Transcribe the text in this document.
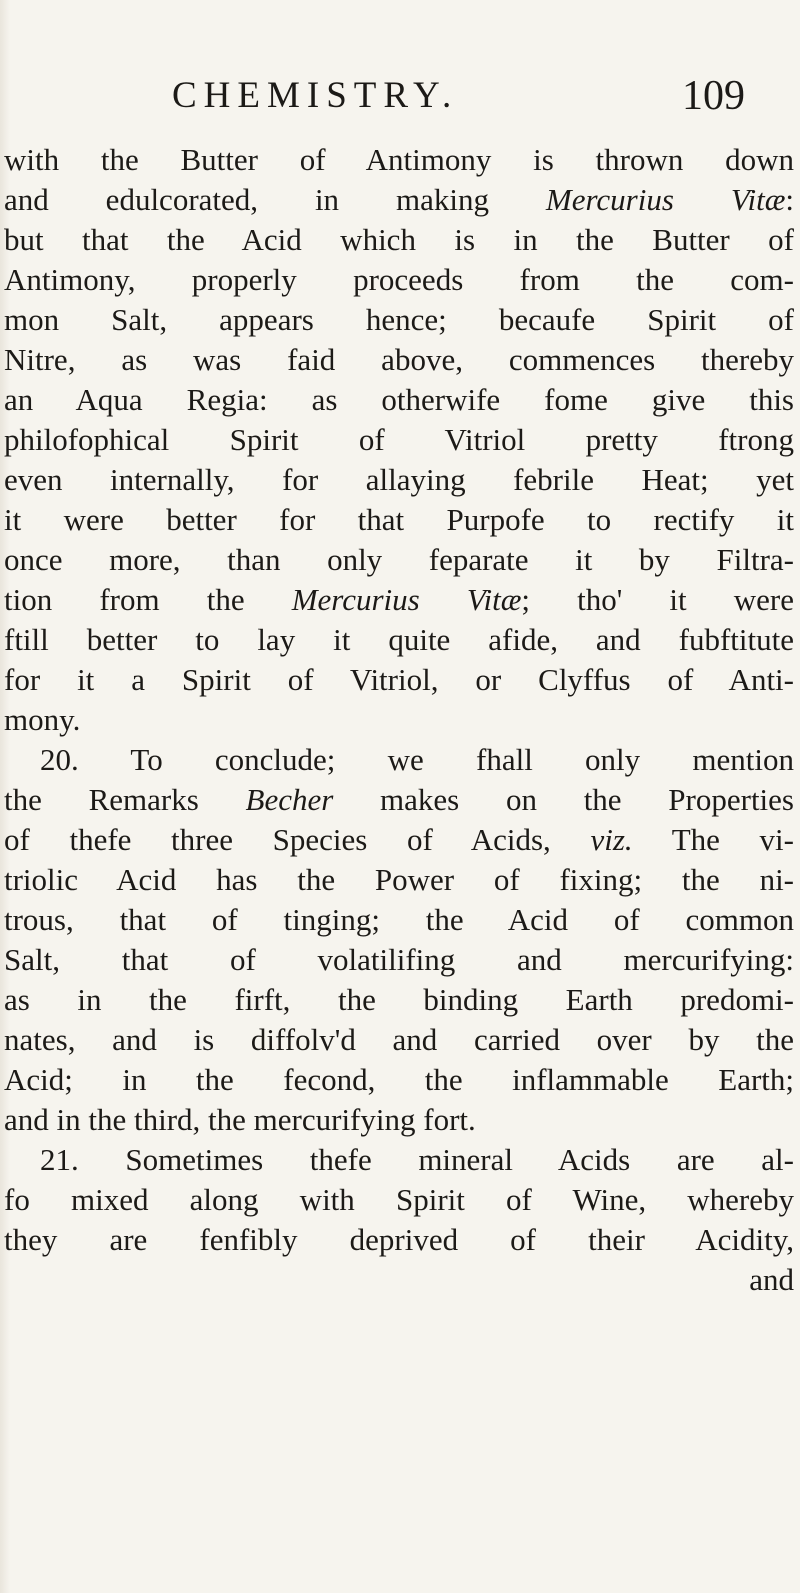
CHEMISTRY.	109
with the Butter of Antimony is thrown down
and edulcorated, in making Mercurius Vitæ:
but that the Acid which is in the Butter of
Antimony, properly proceeds from the com-
mon Salt, appears hence; becaufe Spirit of
Nitre, as was faid above, commences thereby
an Aqua Regia: as otherwife fome give this
philofophical Spirit of Vitriol pretty ftrong
even internally, for allaying febrile Heat; yet
it were better for that Purpofe to rectify it
once more, than only feparate it by Filtra-
tion from the Mercurius Vitæ; tho' it were
ftill better to lay it quite afide, and fubftitute
for it a Spirit of Vitriol, or Clyffus of Anti-
mony.
20. To conclude; we fhall only mention
the Remarks Becher makes on the Properties
of thefe three Species of Acids, viz. The vi-
triolic Acid has the Power of fixing; the ni-
trous, that of tinging; the Acid of common
Salt, that of volatilifing and mercurifying:
as in the firft, the binding Earth predomi-
nates, and is diffolv'd and carried over by the
Acid; in the fecond, the inflammable Earth;
and in the third, the mercurifying fort.
21. Sometimes thefe mineral Acids are al-
fo mixed along with Spirit of Wine, whereby
they are fenfibly deprived of their Acidity,
and
